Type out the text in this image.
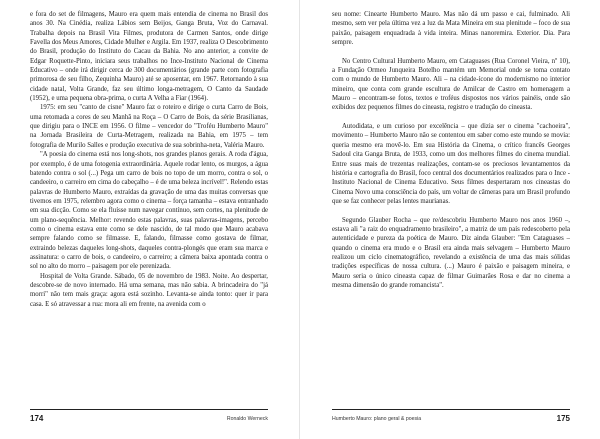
e fora do set de filmagens, Mauro era quem mais entendia de cinema no Brasil dos anos 30. Na Cinédia, realiza Lábios sem Beijos, Ganga Bruta, Voz do Carnaval. Trabalha depois na Brasil Vita Filmes, produtora de Carmen Santos, onde dirige Favella dos Meus Amores, Cidade Mulher e Argila. Em 1937, realiza O Descobrimento do Brasil, produção do Instituto do Cacau da Bahia. No ano anterior, a convite de Edgar Roquette-Pinto, iniciara seus trabalhos no Ince-Instituto Nacional de Cinema Educativo – onde irá dirigir cerca de 300 documentários (grande parte com fotografia primorosa de seu filho, Zequinha Mauro) até se aposentar, em 1967. Retornando à sua cidade natal, Volta Grande, faz seu último longa-metragem, O Canto da Saudade (1952), e uma pequena obra-prima, o curta A Velha a Fiar (1964).

1975: em seu "canto de cisne" Mauro faz o roteiro e dirige o curta Carro de Bois, uma retomada a cores de seu Manhã na Roça – O Carro de Bois, da série Brasilianas, que dirigiu para o INCE em 1956. O filme – vencedor do "Troféu Humberto Mauro" na Jornada Brasileira de Curta-Metragem, realizada na Bahia, em 1975 – tem fotografia de Murilo Salles e produção executiva de sua sobrinha-neta, Valéria Mauro.

"A poesia do cinema está nos long-shots, nos grandes planos gerais. A roda d'água, por exemplo, é de uma fotogenia extraordinária. Aquele rodar lento, os murgos, a água batendo contra o sol (...) Pega um carro de bois no topo de um morro, contra o sol, o candeeiro, o carreiro em cima do cabeçalho – é de uma beleza incrível!". Relendo estas palavras de Humberto Mauro, extraídas da gravação de uma das muitas conversas que tivemos em 1975, relembro agora como o cinema – força tamanha – estava entranhado em sua dicção. Como se ela fluísse num navegar contínuo, sem cortes, na plenitude de um plano-sequência. Melhor: revendo estas palavras, suas palavras-imagens, percebo como o cinema estava ente como se dele nascido, de tal modo que Mauro acabava sempre falando como se filmasse. E, falando, filmasse como gostava de filmar, extraindo belezas daqueles long-shots, daqueles contra-plongés que eram sua marca e assinatura: o carro de bois, o candeeiro, o carreiro; a câmera baixa apontada contra o sol no alto do morro – paisagem por ele perenizada.

Hospital de Volta Grande. Sábado, 05 de novembro de 1983. Noite. Ao despertar, descobre-se de novo internado. Há uma semana, mas não sabia. A brincadeira do "já morri" não tem mais graça: agora está sozinho. Levanta-se ainda tonto: quer ir para casa. E só atravessar a rua: mora ali em frente, na avenida com o

174	Ronaldo Werneck

seu nome: Cinearte Humberto Mauro. Mas não dá um passo e cai, fulminado. Ali mesmo, sem ver pela última vez a luz da Mata Mineira em sua plenitude – foco de sua paixão, paisagem enquadrada à vida inteira. Minas nanoremira. Exterior. Dia. Para sempre.

No Centro Cultural Humberto Mauro, em Cataguases (Rua Coronel Vieira, nº 10), a Fundação Ormeo Junqueira Botelho mantém um Memorial onde se toma contato com o mundo de Humberto Mauro. Ali – na cidade-ícone do modernismo no interior mineiro, que conta com grande escultura de Amilcar de Castro em homenagem a Mauro – encontram-se fotos, textos e troféus dispostos nos vários painéis, onde são exibidos dez pequenos filmes do cineasta, registro e tradução do cineasta.

Autodidata, e um curioso por excelência – que dizia ser o cinema "cachoeira", movimento – Humberto Mauro não se contentou em saber como este mundo se movia: queria mesmo era movê-lo. Em sua História da Cinema, o crítico francês Georges Sadoul cita Ganga Bruta, de 1933, como um dos melhores filmes do cinema mundial. Entre suas mais de trezentas realizações, contam-se os preciosos levantamentos da história e cartografia do Brasil, foco central dos documentários realizados para o Ince -Instituto Nacional de Cinema Educativo. Seus filmes despertaram nos cineastas do Cinema Novo uma consciência do país, um voltar de câmeras para um Brasil profundo que se faz conhecer pelas lentes maurianas.

Segundo Glauber Rocha – que re/descobriu Humberto Mauro nos anos 1960 –, estava ali "a raiz do enquadramento brasileiro", a matriz de um país redescoberto pela autenticidade e pureza da poética de Mauro. Diz ainda Glauber: "Em Cataguases – quando o cinema era mudo e o Brasil era ainda mais selvagem – Humberto Mauro realizou um ciclo cinematográfico, revelando a existência de uma das mais sólidas tradições específicas de nossa cultura. (...) Mauro é paixão e paisagem mineira, e Mauro seria o único cineasta capaz de filmar Guimarães Rosa e dar no cinema a mesma dimensão do grande romancista".

Humberto Mauro: plano geral & poesia	175
